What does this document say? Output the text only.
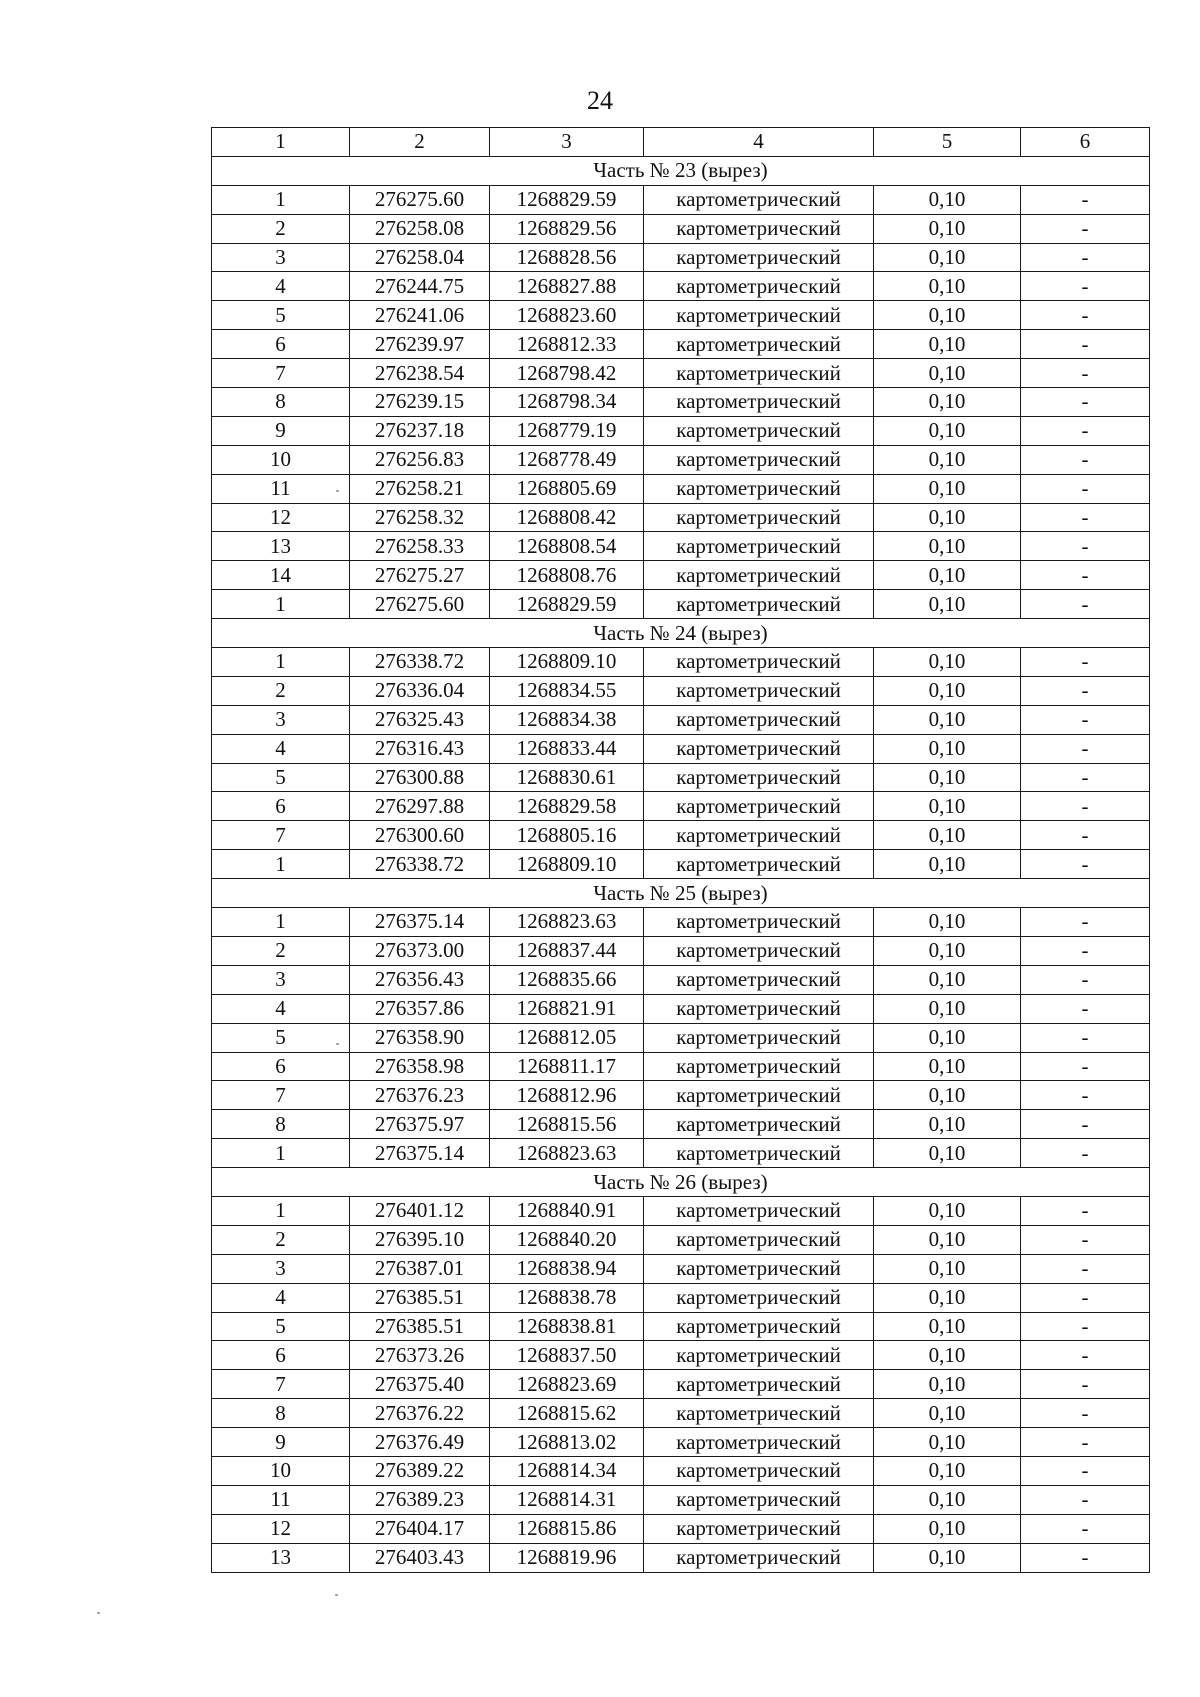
24
1	2	3	4	5	6
Часть № 23 (вырез)					
1	276275.60	1268829.59	картометрический	0,10	-
2	276258.08	1268829.56	картометрический	0,10	-
3	276258.04	1268828.56	картометрический	0,10	-
4	276244.75	1268827.88	картометрический	0,10	-
5	276241.06	1268823.60	картометрический	0,10	-
6	276239.97	1268812.33	картометрический	0,10	-
7	276238.54	1268798.42	картометрический	0,10	-
8	276239.15	1268798.34	картометрический	0,10	-
9	276237.18	1268779.19	картометрический	0,10	-
10	276256.83	1268778.49	картометрический	0,10	-
11	276258.21	1268805.69	картометрический	0,10	-
12	276258.32	1268808.42	картометрический	0,10	-
13	276258.33	1268808.54	картометрический	0,10	-
14	276275.27	1268808.76	картометрический	0,10	-
1	276275.60	1268829.59	картометрический	0,10	-
Часть № 24 (вырез)					
1	276338.72	1268809.10	картометрический	0,10	-
2	276336.04	1268834.55	картометрический	0,10	-
3	276325.43	1268834.38	картометрический	0,10	-
4	276316.43	1268833.44	картометрический	0,10	-
5	276300.88	1268830.61	картометрический	0,10	-
6	276297.88	1268829.58	картометрический	0,10	-
7	276300.60	1268805.16	картометрический	0,10	-
1	276338.72	1268809.10	картометрический	0,10	-
Часть № 25 (вырез)					
1	276375.14	1268823.63	картометрический	0,10	-
2	276373.00	1268837.44	картометрический	0,10	-
3	276356.43	1268835.66	картометрический	0,10	-
4	276357.86	1268821.91	картометрический	0,10	-
5	276358.90	1268812.05	картометрический	0,10	-
6	276358.98	1268811.17	картометрический	0,10	-
7	276376.23	1268812.96	картометрический	0,10	-
8	276375.97	1268815.56	картометрический	0,10	-
1	276375.14	1268823.63	картометрический	0,10	-
Часть № 26 (вырез)					
1	276401.12	1268840.91	картометрический	0,10	-
2	276395.10	1268840.20	картометрический	0,10	-
3	276387.01	1268838.94	картометрический	0,10	-
4	276385.51	1268838.78	картометрический	0,10	-
5	276385.51	1268838.81	картометрический	0,10	-
6	276373.26	1268837.50	картометрический	0,10	-
7	276375.40	1268823.69	картометрический	0,10	-
8	276376.22	1268815.62	картометрический	0,10	-
9	276376.49	1268813.02	картометрический	0,10	-
10	276389.22	1268814.34	картометрический	0,10	-
11	276389.23	1268814.31	картометрический	0,10	-
12	276404.17	1268815.86	картометрический	0,10	-
13	276403.43	1268819.96	картометрический	0,10	-
